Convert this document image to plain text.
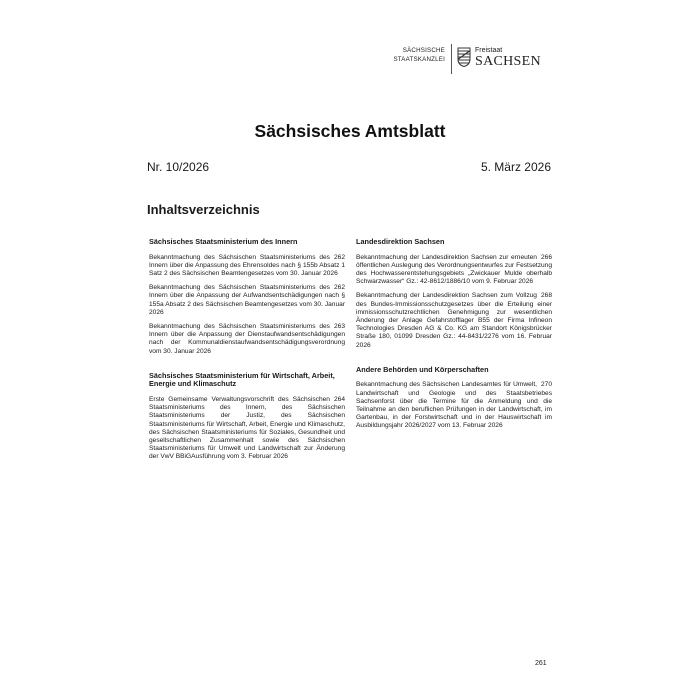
SÄCHSISCHE
STAATSKANZLEI
Freistaat
SACHSEN
Sächsisches Amtsblatt
Nr. 10/2026	5. März 2026
Inhaltsverzeichnis
Sächsisches Staatsministerium des Innern
262
Bekanntmachung des Sächsischen Staatsministeriums des Innern über die Anpassung des Ehrensoldes nach § 155b Absatz 1 Satz 2 des Sächsischen Beamtengesetzes vom 30. Januar 2026
262
Bekanntmachung des Sächsischen Staatsministeriums des Innern über die Anpassung der Aufwandsentschädigungen nach § 155a Absatz 2 des Sächsischen Beamtengesetzes vom 30. Januar 2026
263
Bekanntmachung des Sächsischen Staatsministeriums des Innern über die Anpassung der Dienstaufwandsentschädigungen nach der Kommunaldienstaufwandsentschädigungsverordnung vom 30. Januar 2026
Sächsisches Staatsministerium für Wirtschaft, Arbeit, Energie und Klimaschutz
264
Erste Gemeinsame Verwaltungsvorschrift des Sächsischen Staatsministeriums des Innern, des Sächsischen Staatsministeriums der Justiz, des Sächsischen Staatsministeriums für Wirtschaft, Arbeit, Energie und Klimaschutz, des Sächsischen Staatsministeriums für Soziales, Gesundheit und gesellschaftlichen Zusammenhalt sowie des Sächsischen Staatsministeriums für Umwelt und Landwirtschaft zur Änderung der VwV BBiGAusführung vom 3. Februar 2026
Landesdirektion Sachsen
266
Bekanntmachung der Landesdirektion Sachsen zur erneuten öffentlichen Auslegung des Verordnungsentwurfes zur Festsetzung des Hochwasserentstehungsgebiets „Zwickauer Mulde oberhalb Schwarzwasser“ Gz.: 42-8612/1886/10 vom 9. Februar 2026
268
Bekanntmachung der Landesdirektion Sachsen zum Vollzug des Bundes-Immissionsschutzgesetzes über die Erteilung einer immissionsschutzrechtlichen Genehmigung zur wesentlichen Änderung der Anlage Gefahrstofflager B55 der Firma Infineon Technologies Dresden AG & Co. KG am Standort Königsbrücker Straße 180, 01099 Dresden Gz.: 44-8431/2276 vom 16. Februar 2026
Andere Behörden und Körperschaften
270
Bekanntmachung des Sächsischen Landesamtes für Umwelt, Landwirtschaft und Geologie und des Staatsbetriebes Sachsenforst über die Termine für die Anmeldung und die Teilnahme an den beruflichen Prüfungen in der Landwirtschaft, im Gartenbau, in der Forstwirtschaft und in der Hauswirtschaft im Ausbildungsjahr 2026/2027 vom 13. Februar 2026
261
